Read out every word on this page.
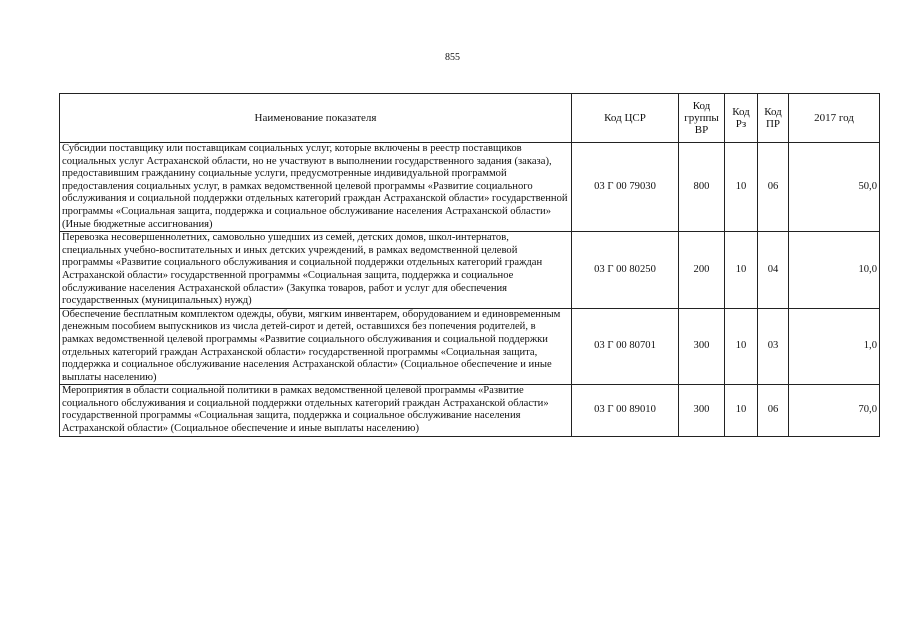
855
Наименование показателя	Код ЦСР	Код группы ВР	Код Рз	Код ПР	2017 год
Субсидии поставщику или поставщикам социальных услуг, которые включены в реестр поставщиков социальных услуг Астраханской области, но не участвуют в выполнении государственного задания (заказа), предоставившим гражданину социальные услуги, предусмотренные индивидуальной программой предоставления социальных услуг, в рамках ведомственной целевой программы «Развитие социального обслуживания и социальной поддержки отдельных категорий граждан Астраханской области» государственной программы «Социальная защита, поддержка и социальное обслуживание населения Астраханской области» (Иные бюджетные ассигнования)	03 Г 00 79030	800	10	06	50,0
Перевозка несовершеннолетних, самовольно ушедших из семей, детских домов, школ-интернатов, специальных учебно-воспитательных и иных детских учреждений, в рамках ведомственной целевой программы «Развитие социального обслуживания и социальной поддержки отдельных категорий граждан Астраханской области» государственной программы «Социальная защита, поддержка и социальное обслуживание населения Астраханской области» (Закупка товаров, работ и услуг для обеспечения государственных (муниципальных) нужд)	03 Г 00 80250	200	10	04	10,0
Обеспечение бесплатным комплектом одежды, обуви, мягким инвентарем, оборудованием и единовременным денежным пособием выпускников из числа детей-сирот и детей, оставшихся без попечения родителей, в рамках ведомственной целевой программы «Развитие социального обслуживания и социальной поддержки отдельных категорий граждан Астраханской области» государственной программы «Социальная защита, поддержка и социальное обслуживание населения Астраханской области» (Социальное обеспечение и иные выплаты населению)	03 Г 00 80701	300	10	03	1,0
Мероприятия в области социальной политики в рамках ведомственной целевой программы «Развитие социального обслуживания и социальной поддержки отдельных категорий граждан Астраханской области» государственной программы «Социальная защита, поддержка и социальное обслуживание населения Астраханской области» (Социальное обеспечение и иные выплаты населению)	03 Г 00 89010	300	10	06	70,0
